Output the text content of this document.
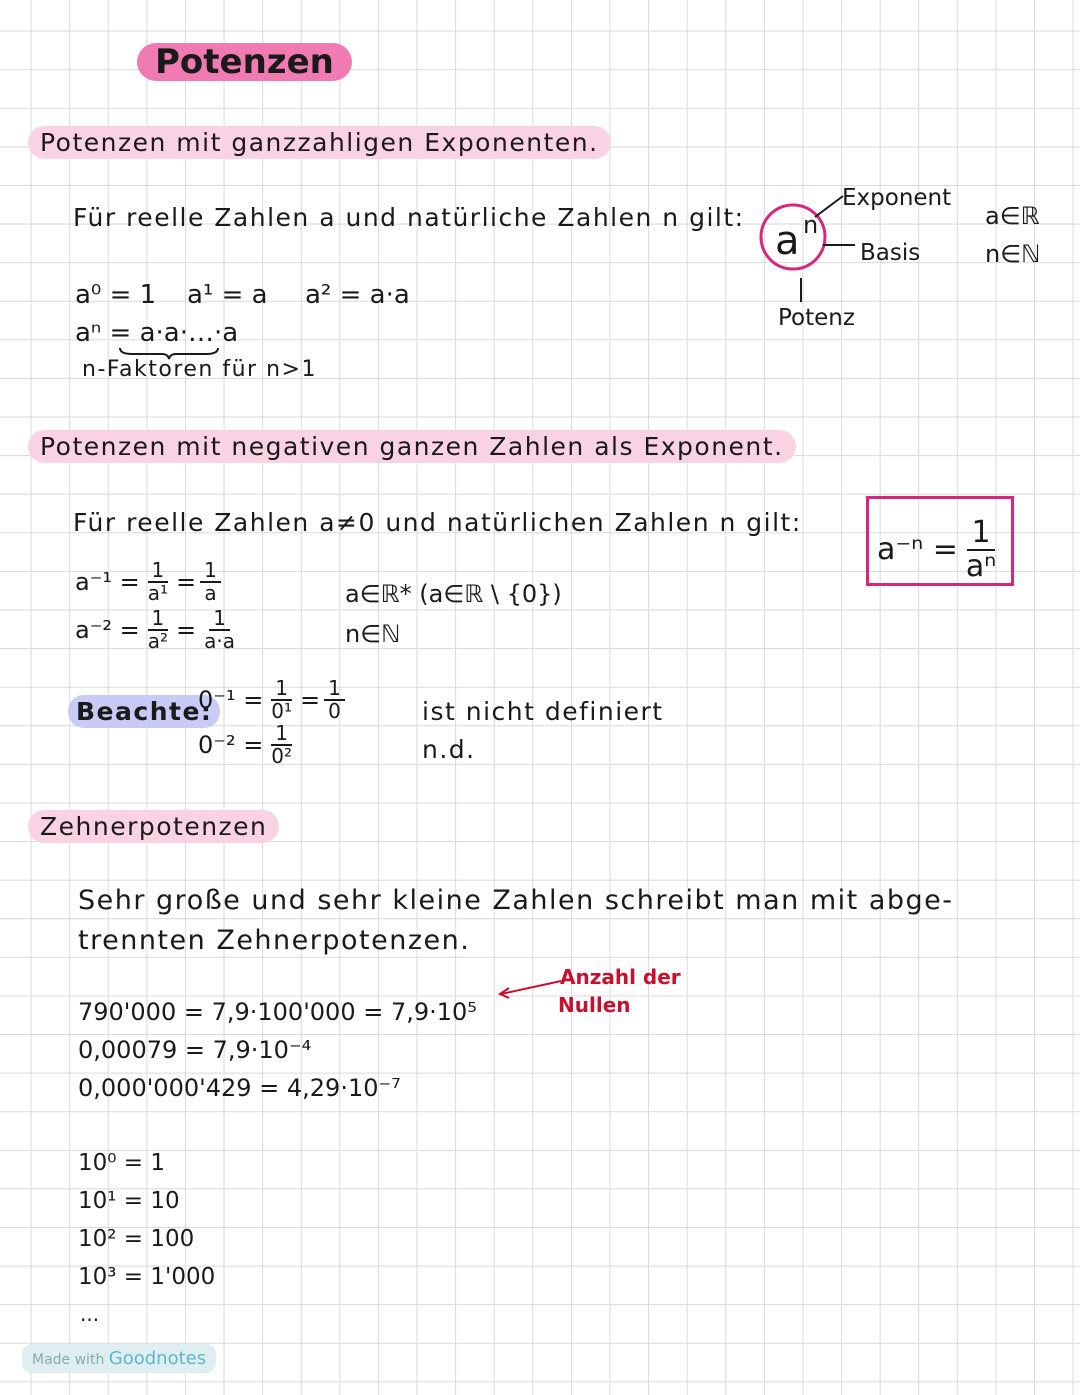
Potenzen
Potenzen mit ganzzahligen Exponenten.
Für reelle Zahlen a und natürliche Zahlen n gilt:
a⁰ = 1 a¹ = a a² = a·a
aⁿ = a·a·…·a
n-Faktoren für n>1
a n
Exponent
Basis
Potenz
a∈ℝ
n∈ℕ
Potenzen mit negativen ganzen Zahlen als Exponent.
Für reelle Zahlen a≠0 und natürlichen Zahlen n gilt:
$a^{-n} = \frac{1}{\text{aⁿ}}$
$a^{-1} = \frac{1}{\text{a¹}} = \frac{1}{a}$
$a^{-2} = \frac{1}{\text{a²}} = \frac{1}{a\cdot a}$
a∈ℝ* (a∈ℝ \ {0})
n∈ℕ
Beachte:
$0^{-1} = \frac{1}{\text{0¹}} = \frac{1}{0}$
$0^{-2} = \frac{1}{\text{0²}}$
ist nicht definiert
n.d.
Zehnerpotenzen
Sehr große und sehr kleine Zahlen schreibt man mit abge-
trennten Zehnerpotenzen.
790'000 = 7,9·100'000 = 7,9·10⁵
Anzahl der
Nullen
0,00079 = 7,9·10⁻⁴
0,000'000'429 = 4,29·10⁻⁷
10⁰ = 1
10¹ = 10
10² = 100
10³ = 1'000
...
Made with Goodnotes
